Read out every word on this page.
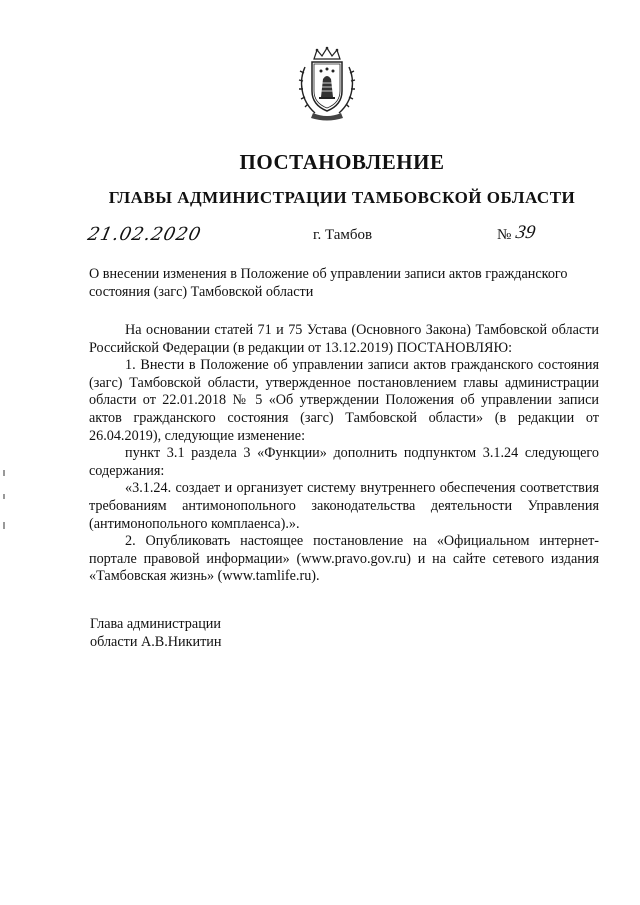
ПОСТАНОВЛЕНИЕ
ГЛАВЫ АДМИНИСТРАЦИИ ТАМБОВСКОЙ ОБЛАСТИ
21.02.2020	г. Тамбов	№ 39
О внесении изменения в Положение об управлении записи актов гражданского
состояния (загс) Тамбовской области

На основании статей 71 и 75 Устава (Основного Закона) Тамбовской области Российской Федерации (в редакции от 13.12.2019) ПОСТАНОВЛЯЮ:

1. Внести в Положение об управлении записи актов гражданского состояния (загс) Тамбовской области, утвержденное постановлением главы администрации области от 22.01.2018 № 5 «Об утверждении Положения об управлении записи актов гражданского состояния (загс) Тамбовской области» (в редакции от 26.04.2019), следующие изменение:

пункт 3.1 раздела 3 «Функции» дополнить подпунктом 3.1.24 следующего содержания:

«3.1.24. создает и организует систему внутреннего обеспечения соответствия требованиям антимонопольного законодательства деятельности Управления (антимонопольного комплаенса).».

2. Опубликовать настоящее постановление на «Официальном интернет-портале правовой информации» (www.pravo.gov.ru) и на сайте сетевого издания «Тамбовская жизнь» (www.tamlife.ru).

Глава администрации
области А.В.Никитин
